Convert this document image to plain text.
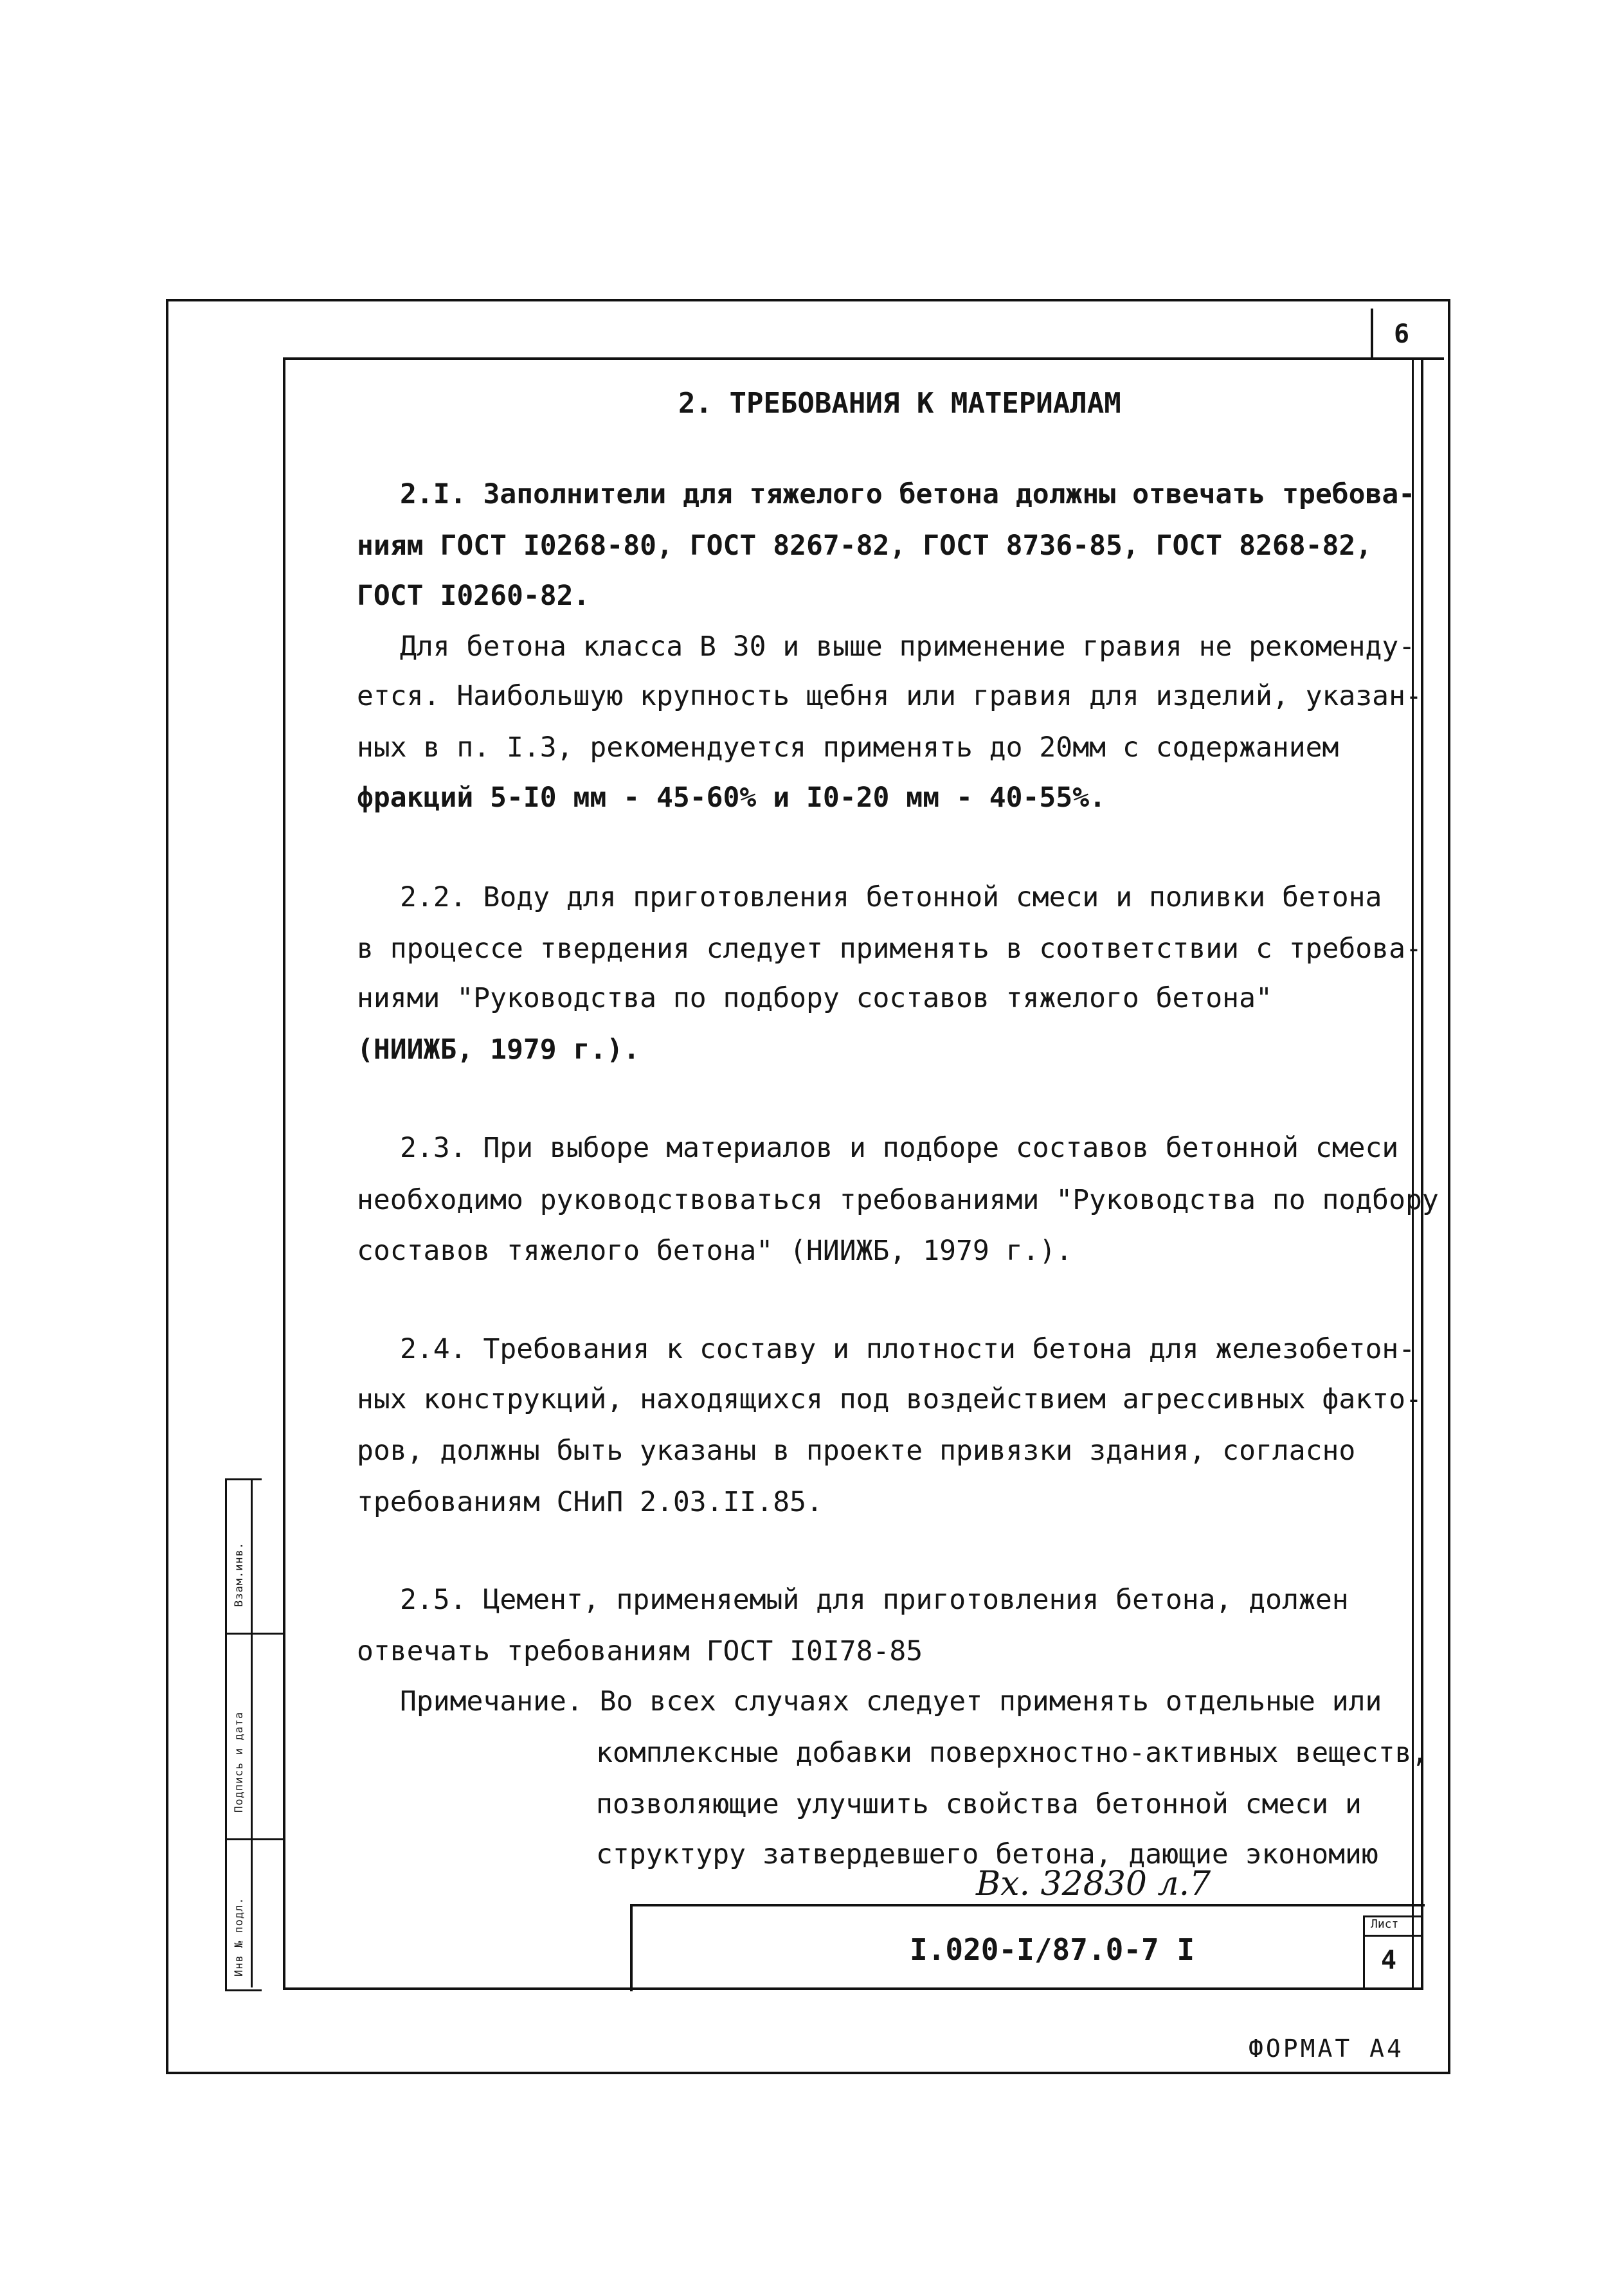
6
Взам.инв.
Подпись и дата
Инв № подл.
2. ТРЕБОВАНИЯ К МАТЕРИАЛАМ
2.I. Заполнители для тяжелого бетона должны отвечать требова-
ниям ГОСТ I0268-80, ГОСТ 8267-82, ГОСТ 8736-85, ГОСТ 8268-82,
ГОСТ I0260-82.
Для бетона класса В 30 и выше применение гравия не рекоменду-
ется. Наибольшую крупность щебня или гравия для изделий, указан-
ных в п. I.3, рекомендуется применять до 20мм с содержанием
фракций 5-I0 мм - 45-60% и I0-20 мм - 40-55%.
2.2. Воду для приготовления бетонной смеси и поливки бетона
в процессе твердения следует применять в соответствии с требова-
ниями "Руководства по подбору составов тяжелого бетона"
(НИИЖБ, 1979 г.).
2.3. При выборе материалов и подборе составов бетонной смеси
необходимо руководствоваться требованиями "Руководства по подбору
составов тяжелого бетона" (НИИЖБ, 1979 г.).
2.4. Требования к составу и плотности бетона для железобетон-
ных конструкций, находящихся под воздействием агрессивных факто-
ров, должны быть указаны в проекте привязки здания, согласно
требованиям СНиП 2.03.II.85.
2.5. Цемент, применяемый для приготовления бетона, должен
отвечать требованиям ГОСТ I0I78-85
Примечание. Во всех случаях следует применять отдельные или
комплексные добавки поверхностно-активных веществ,
позволяющие улучшить свойства бетонной смеси и
структуру затвердевшего бетона, дающие экономию
Вх. 32830 л.7
I.020-I/87.0-7 I
Лист
4
ФОРМАТ А4
